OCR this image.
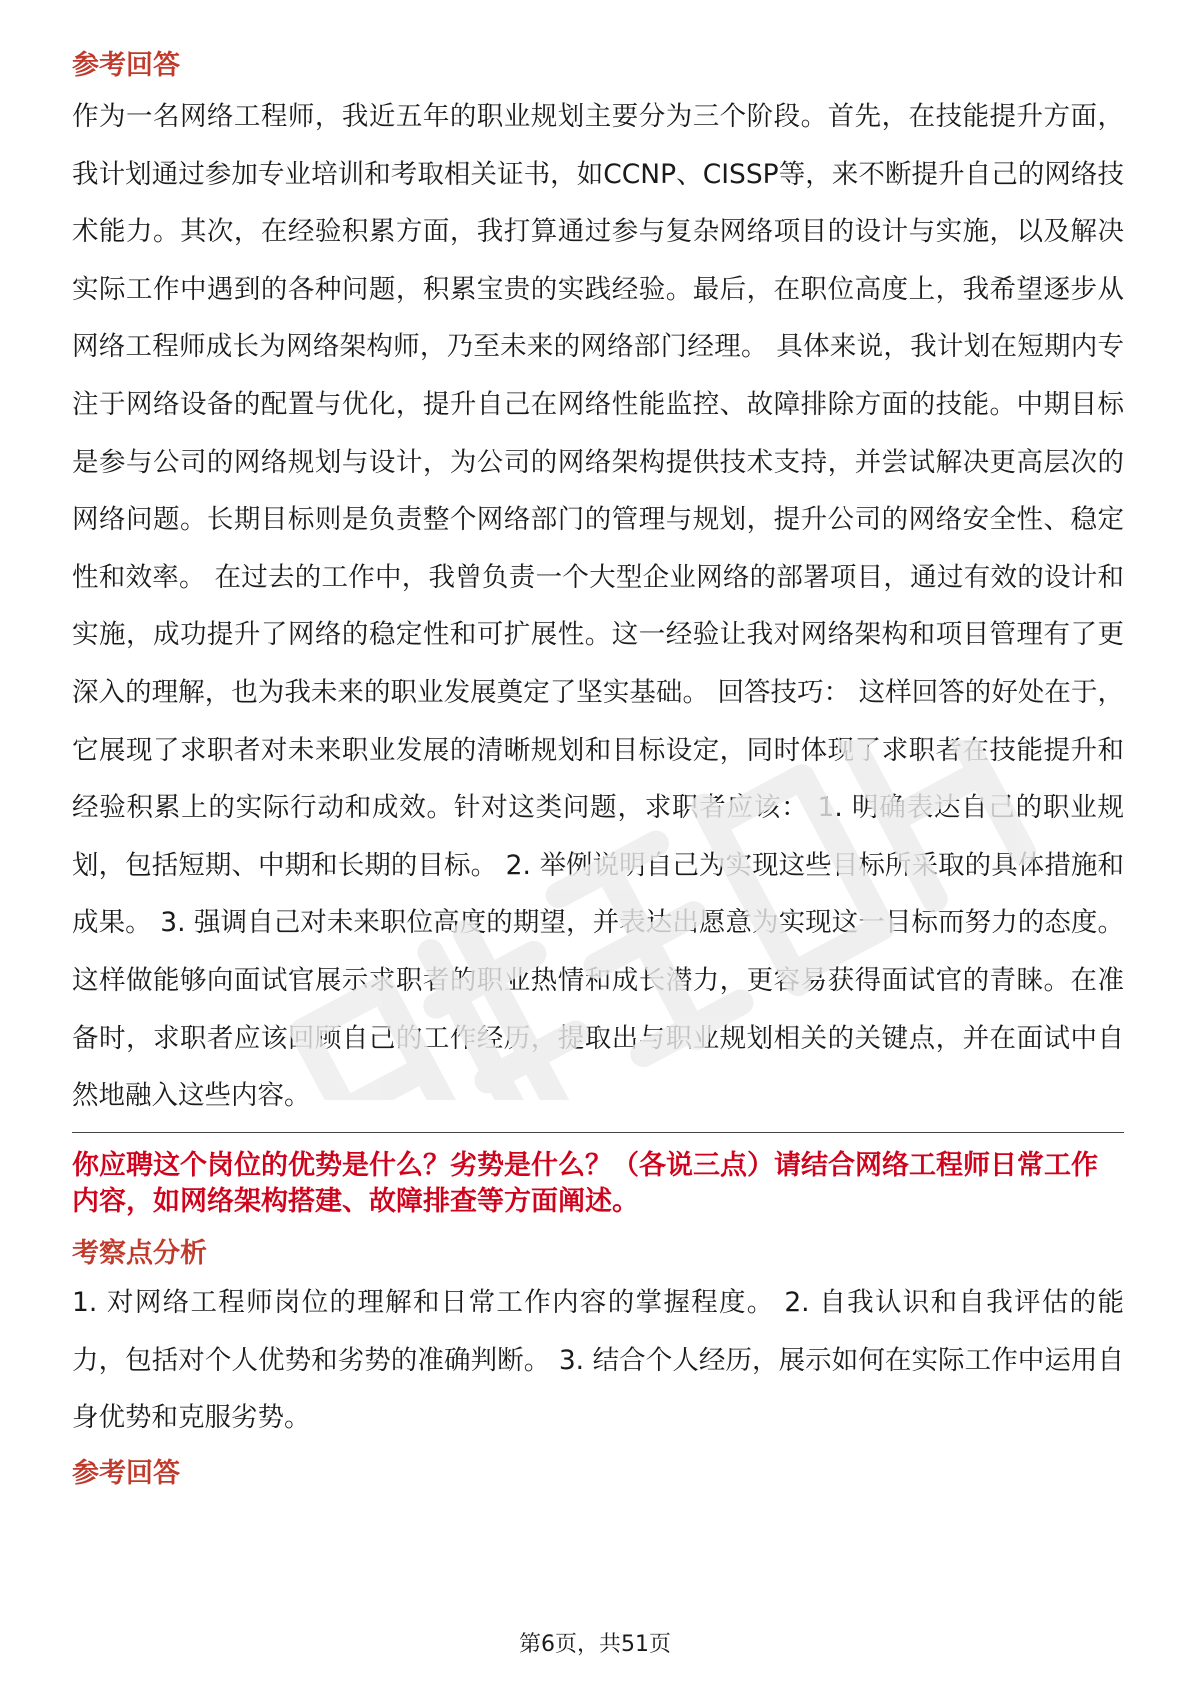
参考回答

作为一名网络工程师，我近五年的职业规划主要分为三个阶段。首先，在技能提升方面，我计划通过参加专业培训和考取相关证书，如CCNP、CISSP等，来不断提升自己的网络技术能力。其次，在经验积累方面，我打算通过参与复杂网络项目的设计与实施，以及解决实际工作中遇到的各种问题，积累宝贵的实践经验。最后，在职位高度上，我希望逐步从网络工程师成长为网络架构师，乃至未来的网络部门经理。 具体来说，我计划在短期内专注于网络设备的配置与优化，提升自己在网络性能监控、故障排除方面的技能。中期目标是参与公司的网络规划与设计，为公司的网络架构提供技术支持，并尝试解决更高层次的网络问题。长期目标则是负责整个网络部门的管理与规划，提升公司的网络安全性、稳定性和效率。 在过去的工作中，我曾负责一个大型企业网络的部署项目，通过有效的设计和实施，成功提升了网络的稳定性和可扩展性。这一经验让我对网络架构和项目管理有了更深入的理解，也为我未来的职业发展奠定了坚实基础。 回答技巧： 这样回答的好处在于，它展现了求职者对未来职业发展的清晰规划和目标设定，同时体现了求职者在技能提升和经验积累上的实际行动和成效。针对这类问题，求职者应该： 1. 明确表达自己的职业规划，包括短期、中期和长期的目标。 2. 举例说明自己为实现这些目标所采取的具体措施和成果。 3. 强调自己对未来职位高度的期望，并表达出愿意为实现这一目标而努力的态度。 这样做能够向面试官展示求职者的职业热情和成长潜力，更容易获得面试官的青睐。在准备时，求职者应该回顾自己的工作经历，提取出与职业规划相关的关键点，并在面试中自然地融入这些内容。

你应聘这个岗位的优势是什么？劣势是什么？（各说三点）请结合网络工程师日常工作内容，如网络架构搭建、故障排查等方面阐述。

考察点分析

1. 对网络工程师岗位的理解和日常工作内容的掌握程度。 2. 自我认识和自我评估的能力，包括对个人优势和劣势的准确判断。 3. 结合个人经历，展示如何在实际工作中运用自身优势和克服劣势。

参考回答

第6页，共51页
